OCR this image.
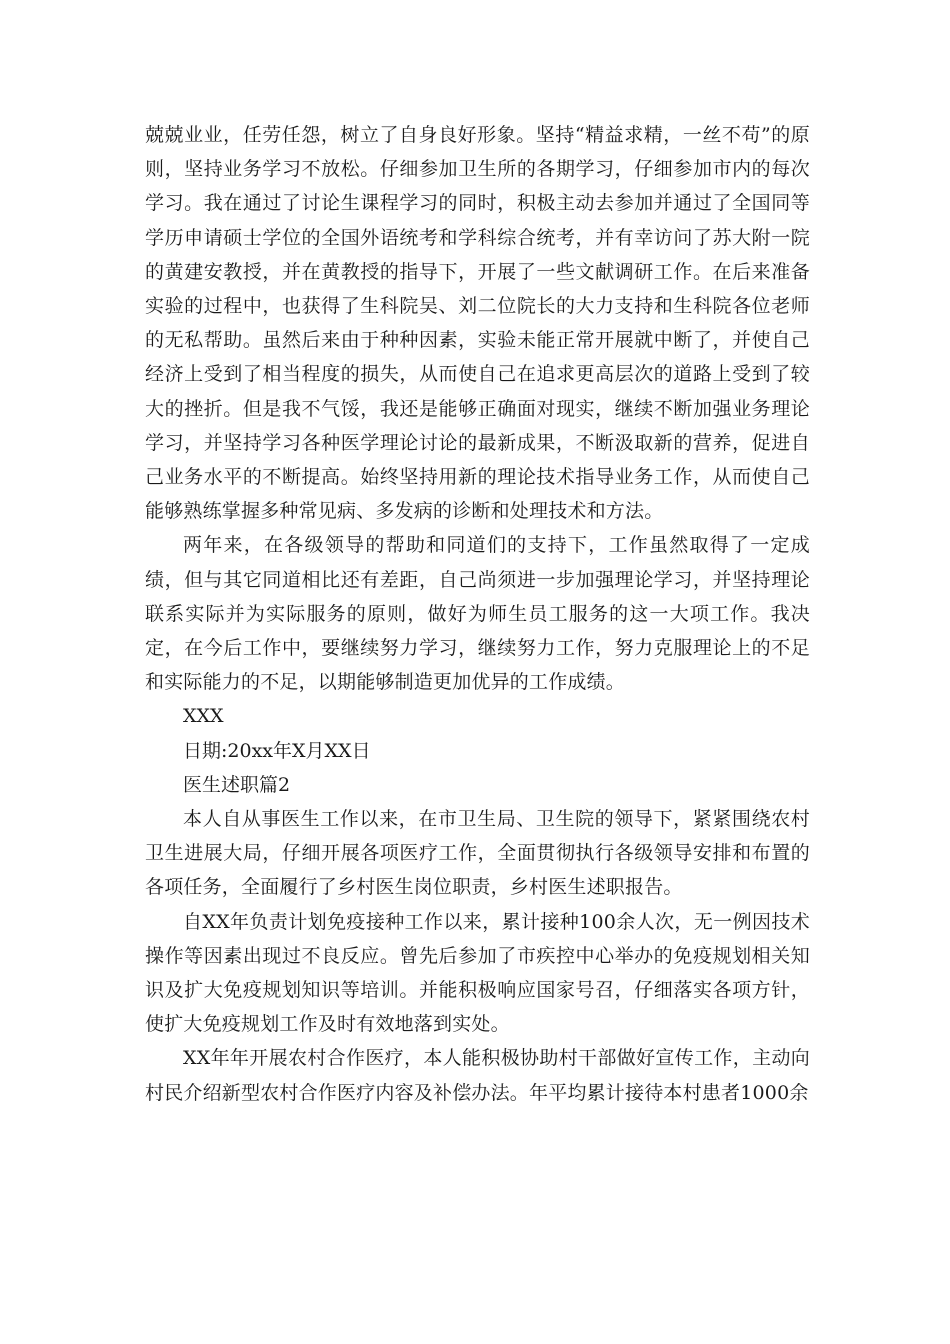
兢兢业业，任劳任怨，树立了自身良好形象。坚持“精益求精，一丝不苟”的原则，坚持业务学习不放松。仔细参加卫生所的各期学习，仔细参加市内的每次学习。我在通过了讨论生课程学习的同时，积极主动去参加并通过了全国同等学历申请硕士学位的全国外语统考和学科综合统考，并有幸访问了苏大附一院的黄建安教授，并在黄教授的指导下，开展了一些文献调研工作。在后来准备实验的过程中，也获得了生科院吴、刘二位院长的大力支持和生科院各位老师的无私帮助。虽然后来由于种种因素，实验未能正常开展就中断了，并使自己经济上受到了相当程度的损失，从而使自己在追求更高层次的道路上受到了较大的挫折。但是我不气馁，我还是能够正确面对现实，继续不断加强业务理论学习，并坚持学习各种医学理论讨论的最新成果，不断汲取新的营养，促进自己业务水平的不断提高。始终坚持用新的理论技术指导业务工作，从而使自己能够熟练掌握多种常见病、多发病的诊断和处理技术和方法。

两年来，在各级领导的帮助和同道们的支持下，工作虽然取得了一定成绩，但与其它同道相比还有差距，自己尚须进一步加强理论学习，并坚持理论联系实际并为实际服务的原则，做好为师生员工服务的这一大项工作。我决定，在今后工作中，要继续努力学习，继续努力工作，努力克服理论上的不足和实际能力的不足，以期能够制造更加优异的工作成绩。

XXX

日期:20xx年X月XX日

医生述职篇2

本人自从事医生工作以来，在市卫生局、卫生院的领导下，紧紧围绕农村卫生进展大局，仔细开展各项医疗工作，全面贯彻执行各级领导安排和布置的各项任务，全面履行了乡村医生岗位职责，乡村医生述职报告。

自XX年负责计划免疫接种工作以来，累计接种100余人次，无一例因技术操作等因素出现过不良反应。曾先后参加了市疾控中心举办的免疫规划相关知识及扩大免疫规划知识等培训。并能积极响应国家号召，仔细落实各项方针，使扩大免疫规划工作及时有效地落到实处。

XX年年开展农村合作医疗，本人能积极协助村干部做好宣传工作，主动向村民介绍新型农村合作医疗内容及补偿办法。年平均累计接待本村患者1000余
